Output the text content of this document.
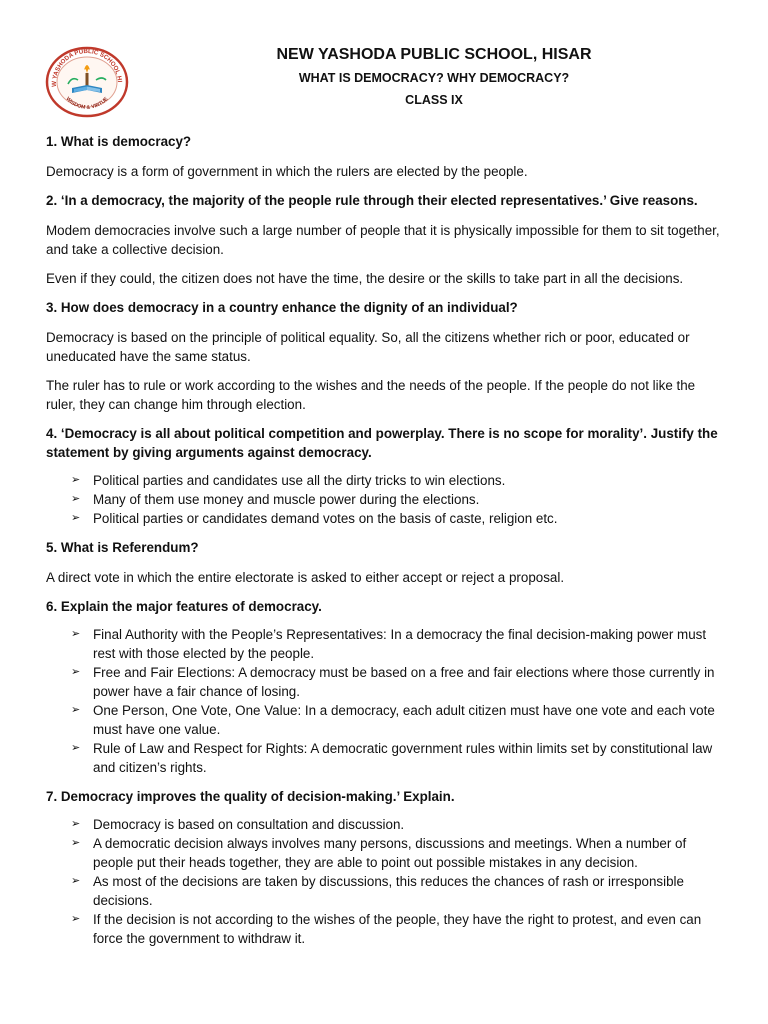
W YASHODA PUBLIC SCHOOL HI
WISDOM & VIRTUE
NEW YASHODA PUBLIC SCHOOL, HISAR
WHAT IS DEMOCRACY? WHY DEMOCRACY?
CLASS IX
1. What is democracy?
Democracy is a form of government in which the rulers are elected by the people.
2. ‘In a democracy, the majority of the people rule through their elected representatives.’ Give reasons.
Modem democracies involve such a large number of people that it is physically impossible for them to sit together, and take a collective decision.
Even if they could, the citizen does not have the time, the desire or the skills to take part in all the decisions.
3. How does democracy in a country enhance the dignity of an individual?
Democracy is based on the principle of political equality. So, all the citizens whether rich or poor, educated or uneducated have the same status.
The ruler has to rule or work according to the wishes and the needs of the people. If the people do not like the ruler, they can change him through election.
4. ‘Democracy is all about political competition and powerplay. There is no scope for morality’. Justify the statement by giving arguments against democracy.
➢ Political parties and candidates use all the dirty tricks to win elections.
➢ Many of them use money and muscle power during the elections.
➢ Political parties or candidates demand votes on the basis of caste, religion etc.
5. What is Referendum?
A direct vote in which the entire electorate is asked to either accept or reject a proposal.
6. Explain the major features of democracy.
➢ Final Authority with the People’s Representatives: In a democracy the final decision-making power must rest with those elected by the people.
➢ Free and Fair Elections: A democracy must be based on a free and fair elections where those currently in power have a fair chance of losing.
➢ One Person, One Vote, One Value: In a democracy, each adult citizen must have one vote and each vote must have one value.
➢ Rule of Law and Respect for Rights: A democratic government rules within limits set by constitutional law and citizen’s rights.
7. Democracy improves the quality of decision-making.’ Explain.
➢ Democracy is based on consultation and discussion.
➢ A democratic decision always involves many persons, discussions and meetings. When a number of people put their heads together, they are able to point out possible mistakes in any decision.
➢ As most of the decisions are taken by discussions, this reduces the chances of rash or irresponsible decisions.
➢ If the decision is not according to the wishes of the people, they have the right to protest, and even can force the government to withdraw it.
